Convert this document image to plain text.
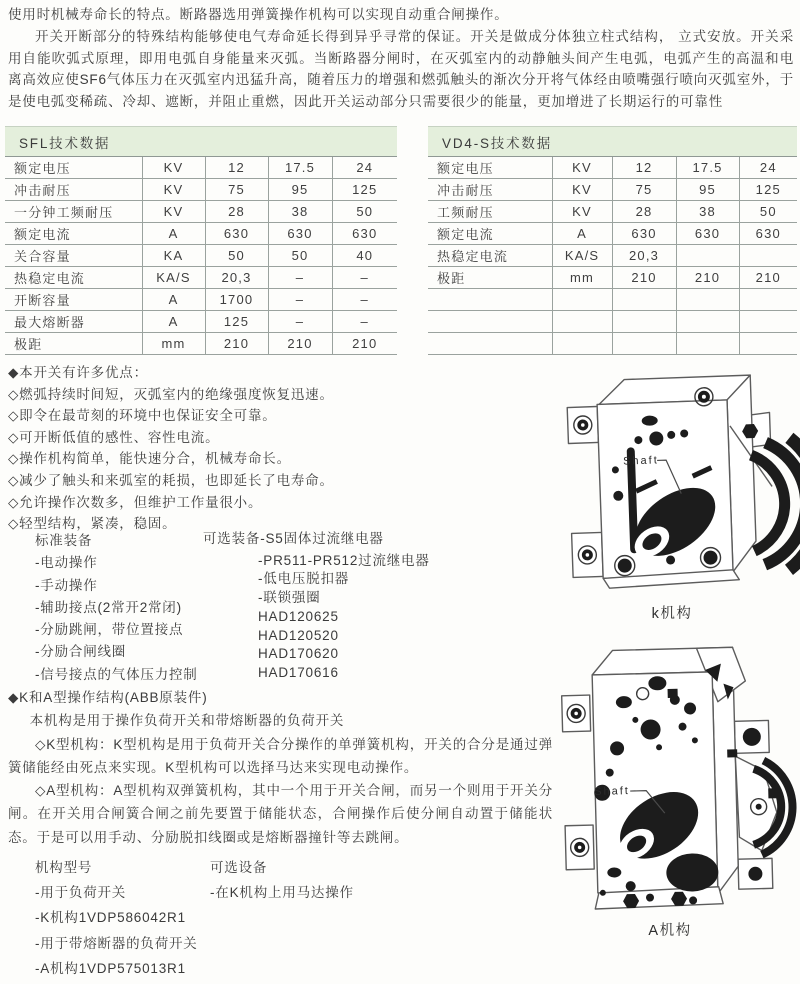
使用时机械寿命长的特点。断路器选用弹簧操作机构可以实现自动重合闸操作。

开关开断部分的特殊结构能够使电气寿命延长得到异乎寻常的保证。开关是做成分体独立柱式结构， 立式安放。开关采用自能吹弧式原理，即用电弧自身能量来灭弧。当断路器分闸时，在灭弧室内的动静触头间产生电弧，电弧产生的高温和电离高效应使SF6气体压力在灭弧室内迅猛升高，随着压力的增强和燃弧触头的渐次分开将气体经由喷嘴强行喷向灭弧室外，于是使电弧变稀疏、冷却、遮断，并阻止重燃，因此开关运动部分只需要很少的能量，更加增进了长期运行的可靠性

SFL技术数据				
额定电压	KV	12	17.5	24
冲击耐压	KV	75	95	125
一分钟工频耐压	KV	28	38	50
额定电流	A	630	630	630
关合容量	KA	50	50	40
热稳定电流	KA/S	20,3	–	–
开断容量	A	1700	–	–
最大熔断器	A	125	–	–
极距	mm	210	210	210
VD4-S技术数据				
额定电压	KV	12	17.5	24
冲击耐压	KV	75	95	125
工频耐压	KV	28	38	50
额定电流	A	630	630	630
热稳定电流	KA/S	20,3		
极距	mm	210	210	210

◆本开关有许多优点：

◇燃弧持续时间短，灭弧室内的绝缘强度恢复迅速。
◇即令在最苛刻的环境中也保证安全可靠。
◇可开断低值的感性、容性电流。
◇操作机构简单，能快速分合，机械寿命长。
◇减少了触头和来弧室的耗损，也即延长了电寿命。
◇允许操作次数多，但维护工作量很小。
◇轻型结构，紧凑，稳固。

标准装备

-电动操作
-手动操作
-辅助接点(2常开2常闭)
-分励跳闸，带位置接点
-分励合闸线圈
-信号接点的气体压力控制

可选装备-S5固体过流继电器

-PR511-PR512过流继电器
-低电压脱扣器
-联锁强圈
HAD120625
HAD120520
HAD170620
HAD170616

◆K和A型操作结构(ABB原装件)

本机构是用于操作负荷开关和带熔断器的负荷开关

◇K型机构：K型机构是用于负荷开关合分操作的单弹簧机构，开关的合分是通过弹簧储能经由死点来实现。K型机构可以选择马达来实现电动操作。

◇A型机构：A型机构双弹簧机构，其中一个用于开关合闸，而另一个则用于开关分闸。在开关用合闸簧合闸之前先要置于储能状态，合闸操作后使分闸自动置于储能状态。于是可以用手动、分励脱扣线圈或是熔断器撞针等去跳闸。

机构型号

-用于负荷开关
-K机构1VDP586042R1
-用于带熔断器的负荷开关
-A机构1VDP575013R1

可选设备

-在K机构上用马达操作
Shaft
k机构
Shaft
A机构
